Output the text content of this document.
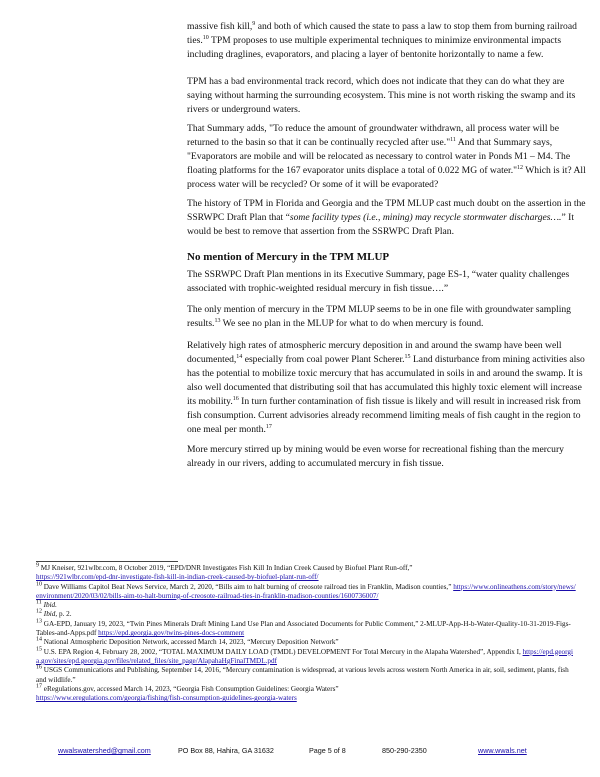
massive fish kill,$^9$ and both of which caused the state to pass a law to stop them from burning railroad ties.$^{10}$ TPM proposes to use multiple experimental techniques to minimize environmental impacts including draglines, evaporators, and placing a layer of bentonite horizontally to name a few.

TPM has a bad environmental track record, which does not indicate that they can do what they are saying without harming the surrounding ecosystem. This mine is not worth risking the swamp and its rivers or underground waters.

That Summary adds, "To reduce the amount of groundwater withdrawn, all process water will be returned to the basin so that it can be continually recycled after use."$^{11}$ And that Summary says, "Evaporators are mobile and will be relocated as necessary to control water in Ponds M1 – M4. The floating platforms for the 167 evaporator units displace a total of 0.022 MG of water."$^{12}$ Which is it? All process water will be recycled? Or some of it will be evaporated?

The history of TPM in Florida and Georgia and the TPM MLUP cast much doubt on the assertion in the SSRWPC Draft Plan that “some facility types (i.e., mining) may recycle stormwater discharges….” It would be best to remove that assertion from the SSRWPC Draft Plan.

No mention of Mercury in the TPM MLUP

The SSRWPC Draft Plan mentions in its Executive Summary, page ES-1, “water quality challenges associated with trophic-weighted residual mercury in fish tissue….”

The only mention of mercury in the TPM MLUP seems to be in one file with groundwater sampling results.$^{13}$ We see no plan in the MLUP for what to do when mercury is found.

Relatively high rates of atmospheric mercury deposition in and around the swamp have been well documented,$^{14}$ especially from coal power Plant Scherer.$^{15}$ Land disturbance from mining activities also has the potential to mobilize toxic mercury that has accumulated in soils in and around the swamp. It is also well documented that distributing soil that has accumulated this highly toxic element will increase its mobility.$^{16}$ In turn further contamination of fish tissue is likely and will result in increased risk from fish consumption. Current advisories already recommend limiting meals of fish caught in the region to one meal per month.$^{17}$

More mercury stirred up by mining would be even worse for recreational fishing than the mercury already in our rivers, adding to accumulated mercury in fish tissue.

$^9$ MJ Kneiser, 921wlbr.com, 8 October 2019, “EPD/DNR Investigates Fish Kill In Indian Creek Caused by Biofuel Plant Run-off,”
https://921wlbr.com/epd-dnr-investigate-fish-kill-in-indian-creek-caused-by-biofuel-plant-run-off/

$^{10}$ Dave Williams Capitol Beat News Service, March 2, 2020, “Bills aim to halt burning of creosote railroad ties in Franklin, Madison counties,” https://www.onlineathens.com/story/news/environment/2020/03/02/bills-aim-to-halt-burning-of-creosote-railroad-ties-in-franklin-madison-counties/1600736007/

$^{11}$ Ibid.

$^{12}$ Ibid, p. 2.

$^{13}$ GA-EPD, January 19, 2023, “Twin Pines Minerals Draft Mining Land Use Plan and Associated Documents for Public Comment,” 2-MLUP-App-H-b-Water-Quality-10-31-2019-Figs-Tables-and-Apps.pdf https://epd.georgia.gov/twins-pines-docs-comment

$^{14}$ National Atmospheric Deposition Network, accessed March 14, 2023, “Mercury Deposition Network”

$^{15}$ U.S. EPA Region 4, February 28, 2002, “TOTAL MAXIMUM DAILY LOAD (TMDL) DEVELOPMENT For Total Mercury in the Alapaha Watershed”, Appendix I, https://epd.georgia.gov/sites/epd.georgia.gov/files/related_files/site_page/AlapahaHgFinalTMDL.pdf

$^{16}$ USGS Communications and Publishing, September 14, 2016, “Mercury contamination is widespread, at various levels across western North America in air, soil, sediment, plants, fish and wildlife.”

$^{17}$ eRegulations.gov, accessed March 14, 2023, “Georgia Fish Consumption Guidelines: Georgia Waters”
https://www.eregulations.com/georgia/fishing/fish-consumption-guidelines-georgia-waters

wwalswatershed@gmail.com	PO Box 88, Hahira, GA 31632	Page 5 of 8	850-290-2350	www.wwals.net
